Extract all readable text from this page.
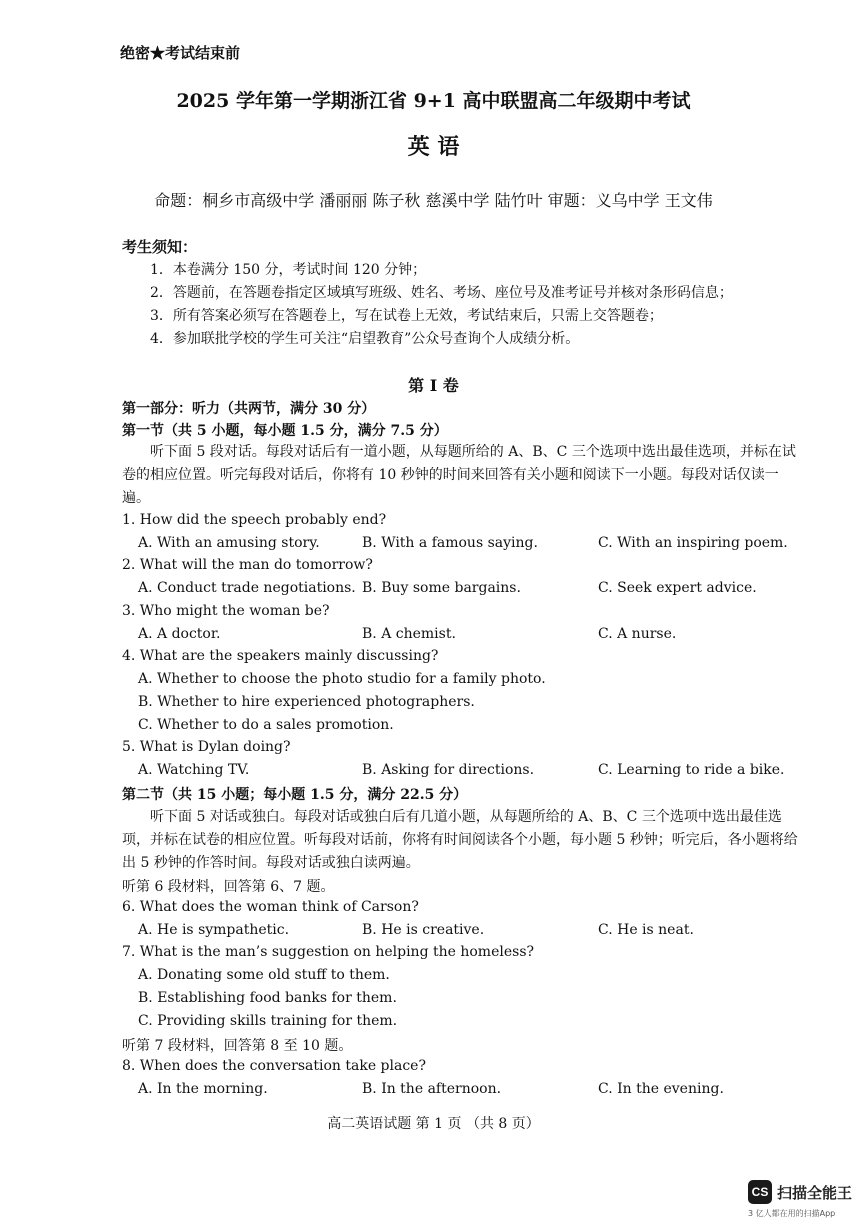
绝密★考试结束前
2025 学年第一学期浙江省 9+1 高中联盟高二年级期中考试
英 语
命题：桐乡市高级中学 潘丽丽 陈子秋 慈溪中学 陆竹叶 审题：义乌中学 王文伟
考生须知：
1．本卷满分 150 分，考试时间 120 分钟；
2．答题前，在答题卷指定区域填写班级、姓名、考场、座位号及准考证号并核对条形码信息；
3．所有答案必须写在答题卷上，写在试卷上无效，考试结束后，只需上交答题卷；
4．参加联批学校的学生可关注“启望教育”公众号查询个人成绩分析。
第 I 卷
第一部分：听力（共两节，满分 30 分）
第一节（共 5 小题，每小题 1.5 分，满分 7.5 分）
听下面 5 段对话。每段对话后有一道小题，从每题所给的 A、B、C 三个选项中选出最佳选项，并标在试卷的相应位置。听完每段对话后，你将有 10 秒钟的时间来回答有关小题和阅读下一小题。每段对话仅读一遍。
1. How did the speech probably end?
A. With an amusing story.	B. With a famous saying.	C. With an inspiring poem.
2. What will the man do tomorrow?
A. Conduct trade negotiations. B. Buy some bargains.	C. Seek expert advice.
3. Who might the woman be?
A. A doctor.	B. A chemist.	C. A nurse.
4. What are the speakers mainly discussing?
A. Whether to choose the photo studio for a family photo.
B. Whether to hire experienced photographers.
C. Whether to do a sales promotion.
5. What is Dylan doing?
A. Watching TV.	B. Asking for directions.	C. Learning to ride a bike.
第二节（共 15 小题；每小题 1.5 分，满分 22.5 分）
听下面 5 对话或独白。每段对话或独白后有几道小题，从每题所给的 A、B、C 三个选项中选出最佳选项，并标在试卷的相应位置。听每段对话前，你将有时间阅读各个小题，每小题 5 秒钟；听完后，各小题将给出 5 秒钟的作答时间。每段对话或独白读两遍。
听第 6 段材料，回答第 6、7 题。
6. What does the woman think of Carson?
A. He is sympathetic.	B. He is creative.	C. He is neat.
7. What is the man’s suggestion on helping the homeless?
A. Donating some old stuff to them.
B. Establishing food banks for them.
C. Providing skills training for them.
听第 7 段材料，回答第 8 至 10 题。
8. When does the conversation take place?
A. In the morning.	B. In the afternoon.	C. In the evening.
高二英语试题 第 1 页 （共 8 页）
CS 扫描全能王
3 亿人都在用的扫描App
